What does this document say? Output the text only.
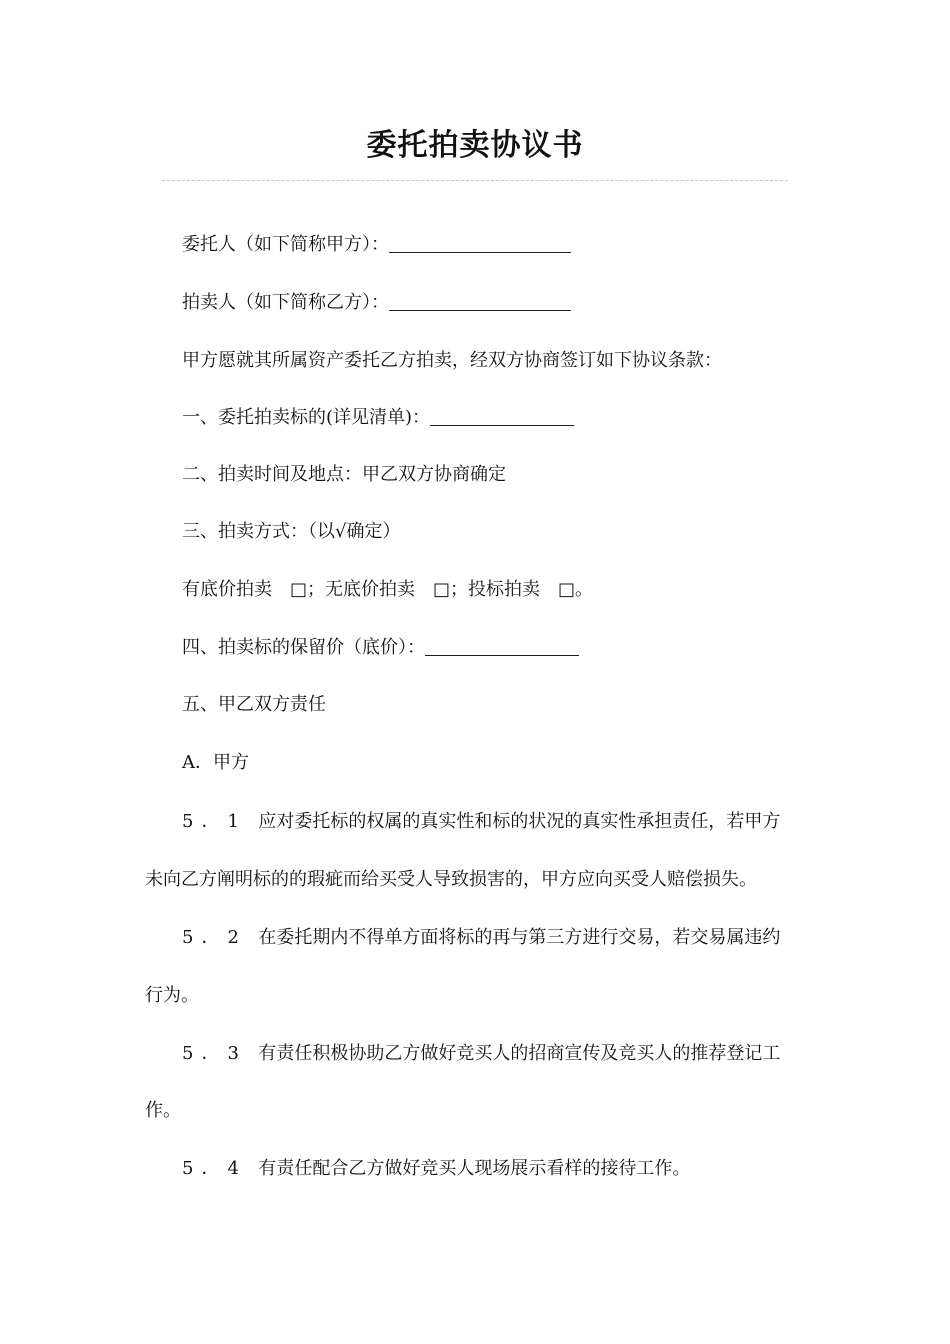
委托拍卖协议书
委托人（如下简称甲方）：
拍卖人（如下简称乙方）：
甲方愿就其所属资产委托乙方拍卖，经双方协商签订如下协议条款：
一、委托拍卖标的(详见清单)：
二、拍卖时间及地点：甲乙双方协商确定
三、拍卖方式：（以√确定）
有底价拍卖 □；无底价拍卖 □；投标拍卖 □。
四、拍卖标的保留价（底价）：
五、甲乙双方责任
A．甲方
5．1 应对委托标的权属的真实性和标的状况的真实性承担责任，若甲方
未向乙方阐明标的的瑕疵而给买受人导致损害的，甲方应向买受人赔偿损失。
5．2 在委托期内不得单方面将标的再与第三方进行交易，若交易属违约
行为。
5．3 有责任积极协助乙方做好竞买人的招商宣传及竞买人的推荐登记工
作。
5．4 有责任配合乙方做好竞买人现场展示看样的接待工作。
